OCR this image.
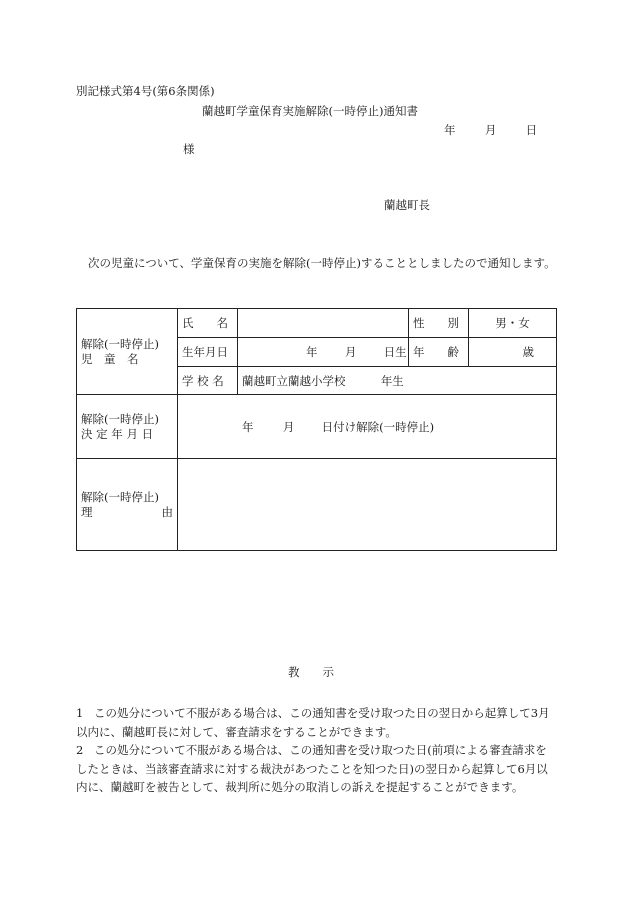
別記様式第4号(第6条関係)
蘭越町学童保育実施解除(一時停止)通知書
年	月	日
様
蘭越町長
次の児童について、学童保育の実施を解除(一時停止)することとしましたので通知します。
解除(一時停止)
児　童　名	氏　　名		性　　別	男・女
	生年月日	年 月 日生	年　　齢	歳
	学 校 名	蘭越町立蘭越小学校 年生		

解除(一時停止)
決 定 年 月 日	年 月 日付け解除(一時停止)			

解除(一時停止)
理 由				

教　　示
1 この処分について不服がある場合は、この通知書を受け取つた日の翌日から起算して3月以内に、蘭越町長に対して、審査請求をすることができます。
2 この処分について不服がある場合は、この通知書を受け取つた日(前項による審査請求をしたときは、当該審査請求に対する裁決があつたことを知つた日)の翌日から起算して6月以内に、蘭越町を被告として、裁判所に処分の取消しの訴えを提起することができます。
